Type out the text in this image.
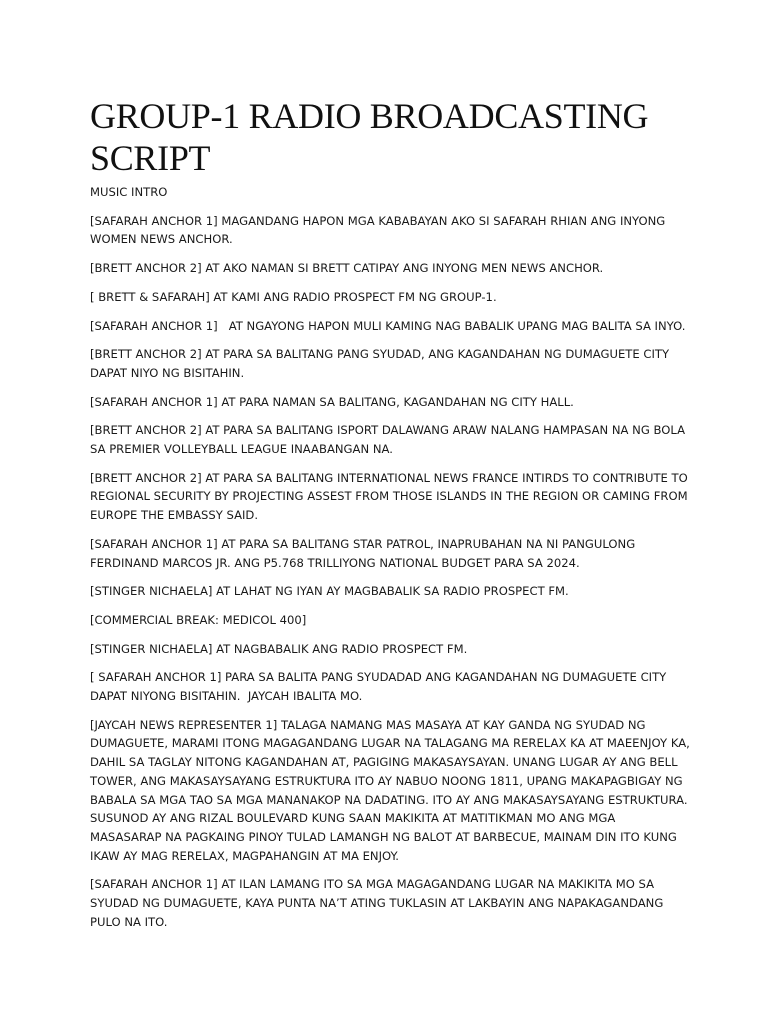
GROUP-1 RADIO BROADCASTING SCRIPT

MUSIC INTRO

[SAFARAH ANCHOR 1] MAGANDANG HAPON MGA KABABAYAN AKO SI SAFARAH RHIAN ANG INYONG WOMEN NEWS ANCHOR.

[BRETT ANCHOR 2] AT AKO NAMAN SI BRETT CATIPAY ANG INYONG MEN NEWS ANCHOR.

[ BRETT & SAFARAH] AT KAMI ANG RADIO PROSPECT FM NG GROUP-1.

[SAFARAH ANCHOR 1]   AT NGAYONG HAPON MULI KAMING NAG BABALIK UPANG MAG BALITA SA INYO.

[BRETT ANCHOR 2] AT PARA SA BALITANG PANG SYUDAD, ANG KAGANDAHAN NG DUMAGUETE CITY DAPAT NIYO NG BISITAHIN.

[SAFARAH ANCHOR 1] AT PARA NAMAN SA BALITANG, KAGANDAHAN NG CITY HALL.

[BRETT ANCHOR 2] AT PARA SA BALITANG ISPORT DALAWANG ARAW NALANG HAMPASAN NA NG BOLA SA PREMIER VOLLEYBALL LEAGUE INAABANGAN NA.

[BRETT ANCHOR 2] AT PARA SA BALITANG INTERNATIONAL NEWS FRANCE INTIRDS TO CONTRIBUTE TO REGIONAL SECURITY BY PROJECTING ASSEST FROM THOSE ISLANDS IN THE REGION OR CAMING FROM EUROPE THE EMBASSY SAID.

[SAFARAH ANCHOR 1] AT PARA SA BALITANG STAR PATROL, INAPRUBAHAN NA NI PANGULONG FERDINAND MARCOS JR. ANG P5.768 TRILLIYONG NATIONAL BUDGET PARA SA 2024.

[STINGER NICHAELA] AT LAHAT NG IYAN AY MAGBABALIK SA RADIO PROSPECT FM.

[COMMERCIAL BREAK: MEDICOL 400]

[STINGER NICHAELA] AT NAGBABALIK ANG RADIO PROSPECT FM.

[ SAFARAH ANCHOR 1] PARA SA BALITA PANG SYUDADAD ANG KAGANDAHAN NG DUMAGUETE CITY DAPAT NIYONG BISITAHIN.  JAYCAH IBALITA MO.

[JAYCAH NEWS REPRESENTER 1] TALAGA NAMANG MAS MASAYA AT KAY GANDA NG SYUDAD NG DUMAGUETE, MARAMI ITONG MAGAGANDANG LUGAR NA TALAGANG MA RERELAX KA AT MAEENJOY KA, DAHIL SA TAGLAY NITONG KAGANDAHAN AT, PAGIGING MAKASAYSAYAN. UNANG LUGAR AY ANG BELL TOWER, ANG MAKASAYSAYANG ESTRUKTURA ITO AY NABUO NOONG 1811, UPANG MAKAPAGBIGAY NG BABALA SA MGA TAO SA MGA MANANAKOP NA DADATING. ITO AY ANG MAKASAYSAYANG ESTRUKTURA. SUSUNOD AY ANG RIZAL BOULEVARD KUNG SAAN MAKIKITA AT MATITIKMAN MO ANG MGA MASASARAP NA PAGKAING PINOY TULAD LAMANGH NG BALOT AT BARBECUE, MAINAM DIN ITO KUNG IKAW AY MAG RERELAX, MAGPAHANGIN AT MA ENJOY.

[SAFARAH ANCHOR 1] AT ILAN LAMANG ITO SA MGA MAGAGANDANG LUGAR NA MAKIKITA MO SA SYUDAD NG DUMAGUETE, KAYA PUNTA NA’T ATING TUKLASIN AT LAKBAYIN ANG NAPAKAGANDANG PULO NA ITO.
